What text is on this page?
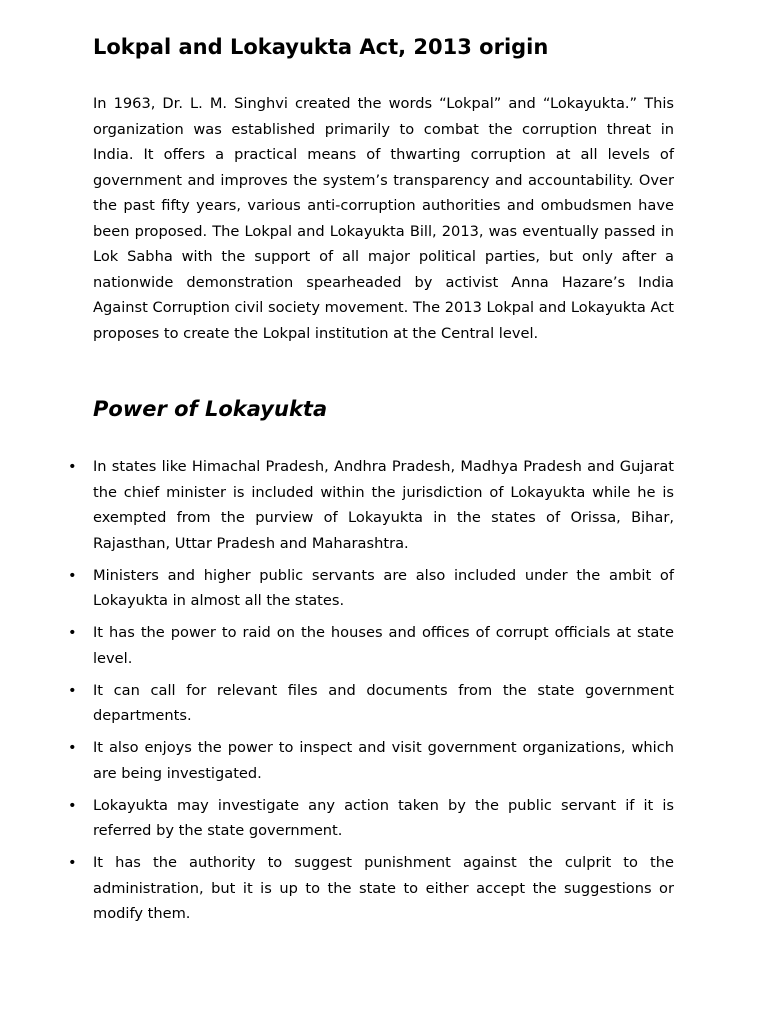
Lokpal and Lokayukta Act, 2013 origin

In 1963, Dr. L. M. Singhvi created the words “Lokpal” and “Lokayukta.” This organization was established primarily to combat the corruption threat in India. It offers a practical means of thwarting corruption at all levels of government and improves the system’s transparency and accountability. Over the past fifty years, various anti-corruption authorities and ombudsmen have been proposed. The Lokpal and Lokayukta Bill, 2013, was eventually passed in Lok Sabha with the support of all major political parties, but only after a nationwide demonstration spearheaded by activist Anna Hazare’s India Against Corruption civil society movement. The 2013 Lokpal and Lokayukta Act proposes to create the Lokpal institution at the Central level.

Power of Lokayukta
• In states like Himachal Pradesh, Andhra Pradesh, Madhya Pradesh and Gujarat the chief minister is included within the jurisdiction of Lokayukta while he is exempted from the purview of Lokayukta in the states of Orissa, Bihar, Rajasthan, Uttar Pradesh and Maharashtra.
• Ministers and higher public servants are also included under the ambit of Lokayukta in almost all the states.
• It has the power to raid on the houses and offices of corrupt officials at state level.
• It can call for relevant files and documents from the state government departments.
• It also enjoys the power to inspect and visit government organizations, which are being investigated.
• Lokayukta may investigate any action taken by the public servant if it is referred by the state government.
• It has the authority to suggest punishment against the culprit to the administration, but it is up to the state to either accept the suggestions or modify them.
